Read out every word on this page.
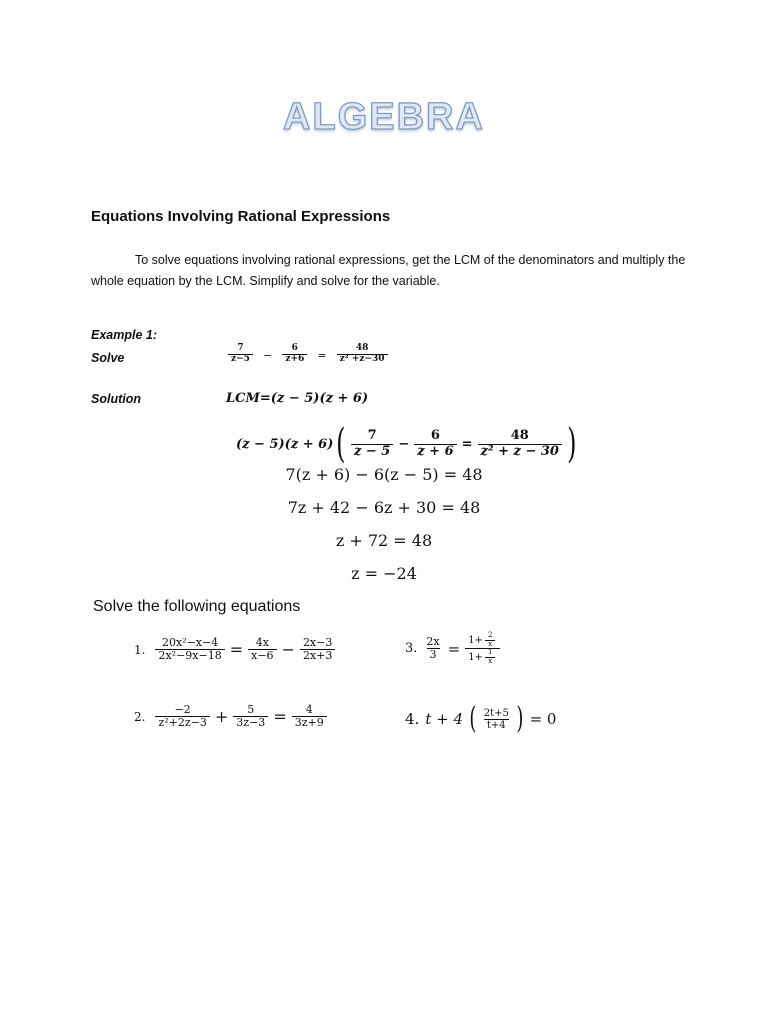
ALGEBRA
Equations Involving Rational Expressions
To solve equations involving rational expressions, get the LCM of the denominators and multiply the whole equation by the LCM. Simplify and solve for the variable.
Example 1:
Solve	$\frac{7}{z-5} - \frac{6}{z+6} = \frac{48}{\text{z² +z−30}}$
Solution	LCM=(z − 5)(z + 6)
(z − 5)(z + 6) ( $\frac{7}{z - 5} - \frac{6}{z + 6} = \frac{48}{\text{z² + z − 30}}$ )
7(z + 6) − 6(z − 5) = 48
7z + 42 − 6z + 30 = 48
z + 72 = 48
z = −24
Solve the following equations
1. $\frac{\text{20x²−x−4}}{\text{2x²−9x−18}} = \frac{4x}{x-6} - \frac{2x-3}{2x+3}$
2. $\frac{-2}{\text{z²+2z−3}} + \frac{5}{3z-3} = \frac{4}{3z+9}$
3. $\frac{2x}{3} = \frac{1+ \frac{2}{x}}{1+ \frac{1}{x}}$
4. t + 4 ( $\frac{2t+5}{t+4}$ ) = 0
